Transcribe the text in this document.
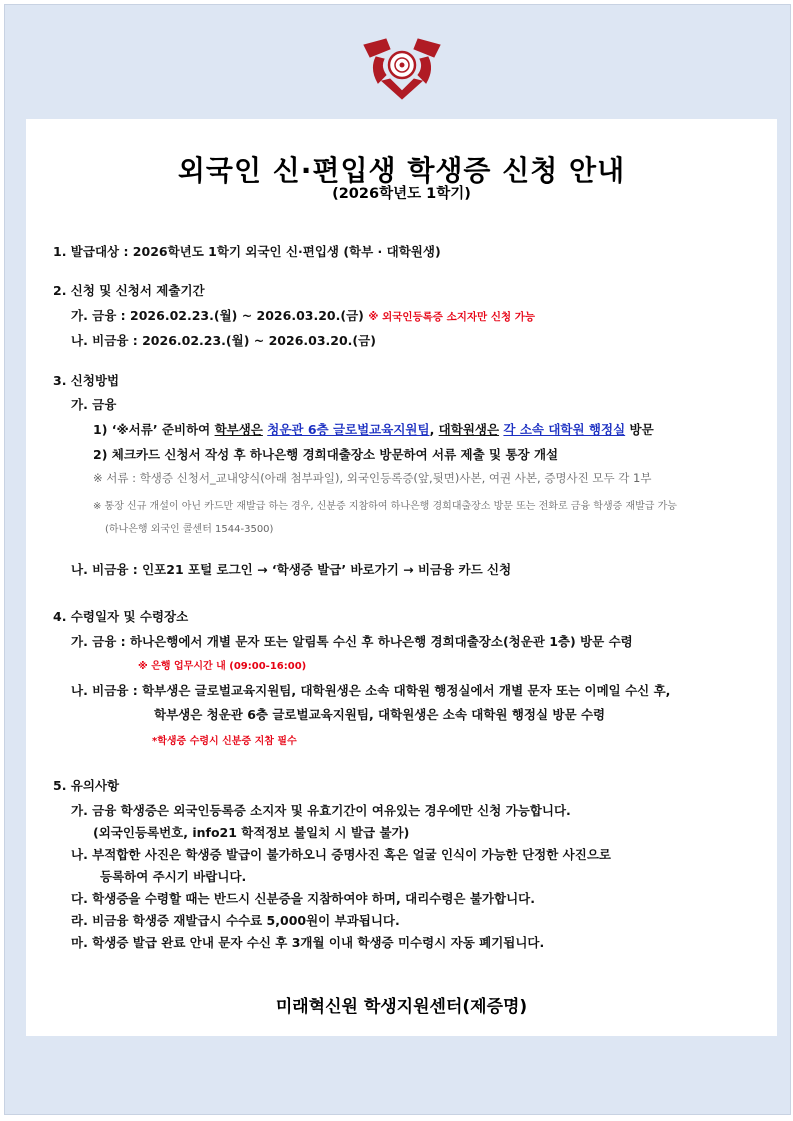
외국인 신·편입생 학생증 신청 안내
(2026학년도 1학기)
1. 발급대상 : 2026학년도 1학기 외국인 신·편입생 (학부 · 대학원생)
2. 신청 및 신청서 제출기간
가. 금융 : 2026.02.23.(월) ~ 2026.03.20.(금) ※ 외국인등록증 소지자만 신청 가능
나. 비금융 : 2026.02.23.(월) ~ 2026.03.20.(금)
3. 신청방법
가. 금융
1) ‘※서류’ 준비하여 학부생은 청운관 6층 글로벌교육지원팀, 대학원생은 각 소속 대학원 행정실 방문
2) 체크카드 신청서 작성 후 하나은행 경희대출장소 방문하여 서류 제출 및 통장 개설
※ 서류 : 학생증 신청서_교내양식(아래 첨부파일), 외국인등록증(앞,뒷면)사본, 여권 사본, 증명사진 모두 각 1부
※ 통장 신규 개설이 아닌 카드만 재발급 하는 경우, 신분증 지참하여 하나은행 경희대출장소 방문 또는 전화로 금융 학생증 재발급 가능
(하나은행 외국인 콜센터 1544-3500)
나. 비금융 : 인포21 포털 로그인 → ‘학생증 발급’ 바로가기 → 비금융 카드 신청
4. 수령일자 및 수령장소
가. 금융 : 하나은행에서 개별 문자 또는 알림톡 수신 후 하나은행 경희대출장소(청운관 1층) 방문 수령
※ 은행 업무시간 내 (09:00-16:00)
나. 비금융 : 학부생은 글로벌교육지원팀, 대학원생은 소속 대학원 행정실에서 개별 문자 또는 이메일 수신 후,
학부생은 청운관 6층 글로벌교육지원팀, 대학원생은 소속 대학원 행정실 방문 수령
*학생증 수령시 신분증 지참 필수
5. 유의사항
가. 금융 학생증은 외국인등록증 소지자 및 유효기간이 여유있는 경우에만 신청 가능합니다.
(외국인등록번호, info21 학적정보 불일치 시 발급 불가)
나. 부적합한 사진은 학생증 발급이 불가하오니 증명사진 혹은 얼굴 인식이 가능한 단정한 사진으로
등록하여 주시기 바랍니다.
다. 학생증을 수령할 때는 반드시 신분증을 지참하여야 하며, 대리수령은 불가합니다.
라. 비금융 학생증 재발급시 수수료 5,000원이 부과됩니다.
마. 학생증 발급 완료 안내 문자 수신 후 3개월 이내 학생증 미수령시 자동 폐기됩니다.
미래혁신원 학생지원센터(제증명)
